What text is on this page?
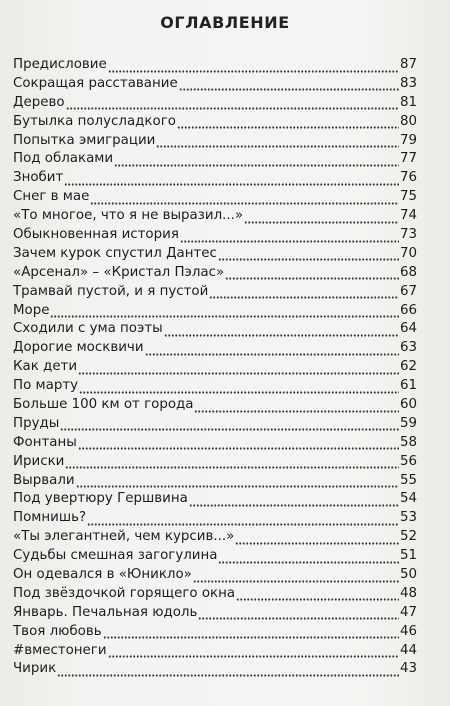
ОГЛАВЛЕНИЕ
Предисловие	87
Сокращая расставание	83
Дерево	81
Бутылка полусладкого	80
Попытка эмиграции	79
Под облаками	77
Знобит	76
Снег в мае	75
«То многое, что я не выразил...»	74
Обыкновенная история	73
Зачем курок спустил Дантес	70
«Арсенал» – «Кристал Пэлас»	68
Трамвай пустой, и я пустой	67
Море	66
Сходили с ума поэты	64
Дорогие москвичи	63
Как дети	62
По марту	61
Больше 100 км от города	60
Пруды	59
Фонтаны	58
Ириски	56
Вырвали	55
Под увертюру Гершвина	54
Помнишь?	53
«Ты элегантней, чем курсив...»	52
Судьбы смешная загогулина	51
Он одевался в «Юникло»	50
Под звёздочкой горящего окна	48
Январь. Печальная юдоль	47
Твоя любовь	46
#вместонеги	44
Чирик	43
